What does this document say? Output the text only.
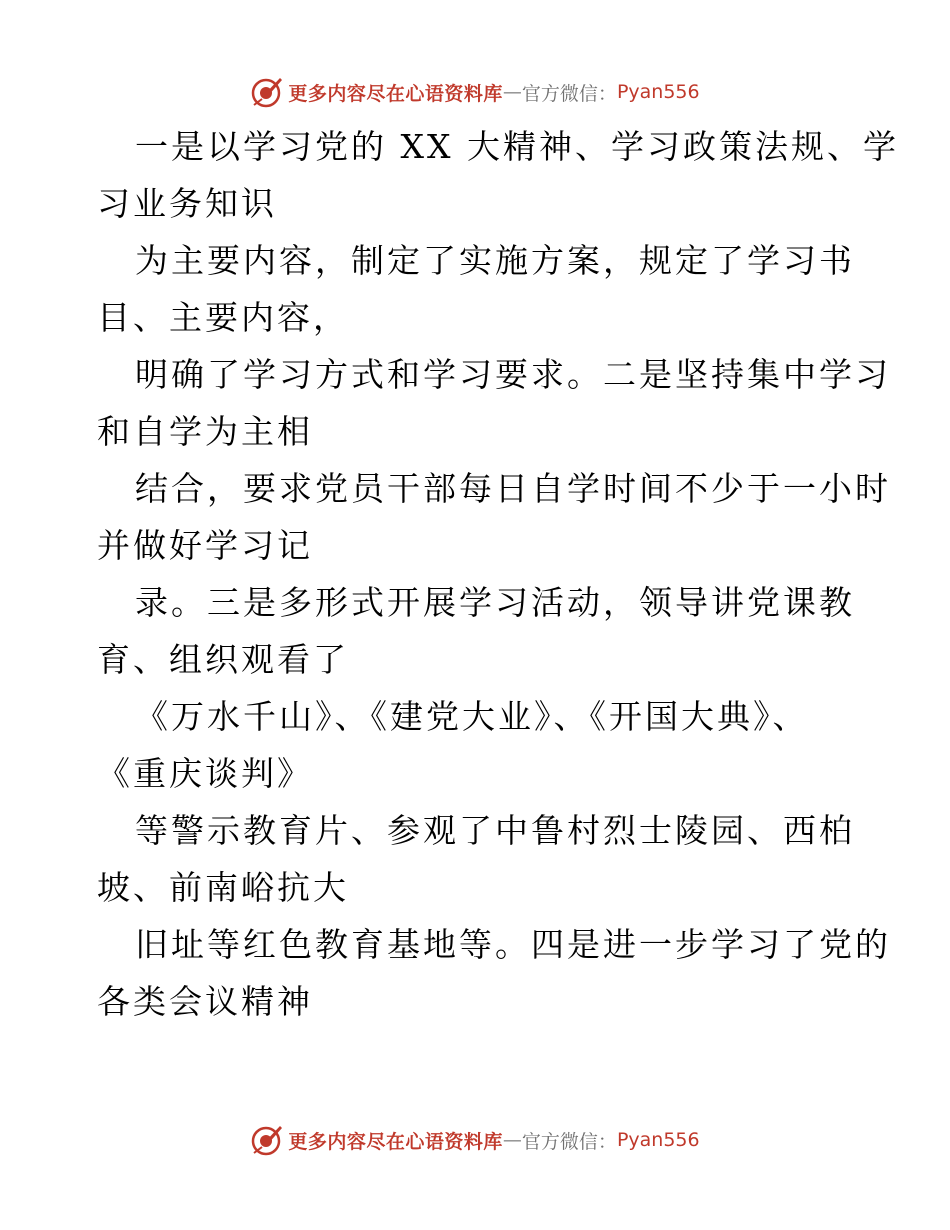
更多内容尽在心语资料库 — 官方微信： Pyan556
一是以学习党的 XX 大精神、学习政策法规、学
习业务知识
为主要内容，制定了实施方案，规定了学习书
目、主要内容，
明确了学习方式和学习要求。二是坚持集中学习
和自学为主相
结合，要求党员干部每日自学时间不少于一小时
并做好学习记
录。三是多形式开展学习活动，领导讲党课教
育、组织观看了
《万水千山》、《建党大业》、《开国大典》、
《重庆谈判》
等警示教育片、参观了中鲁村烈士陵园、西柏
坡、前南峪抗大
旧址等红色教育基地等。四是进一步学习了党的
各类会议精神
更多内容尽在心语资料库 — 官方微信： Pyan556
